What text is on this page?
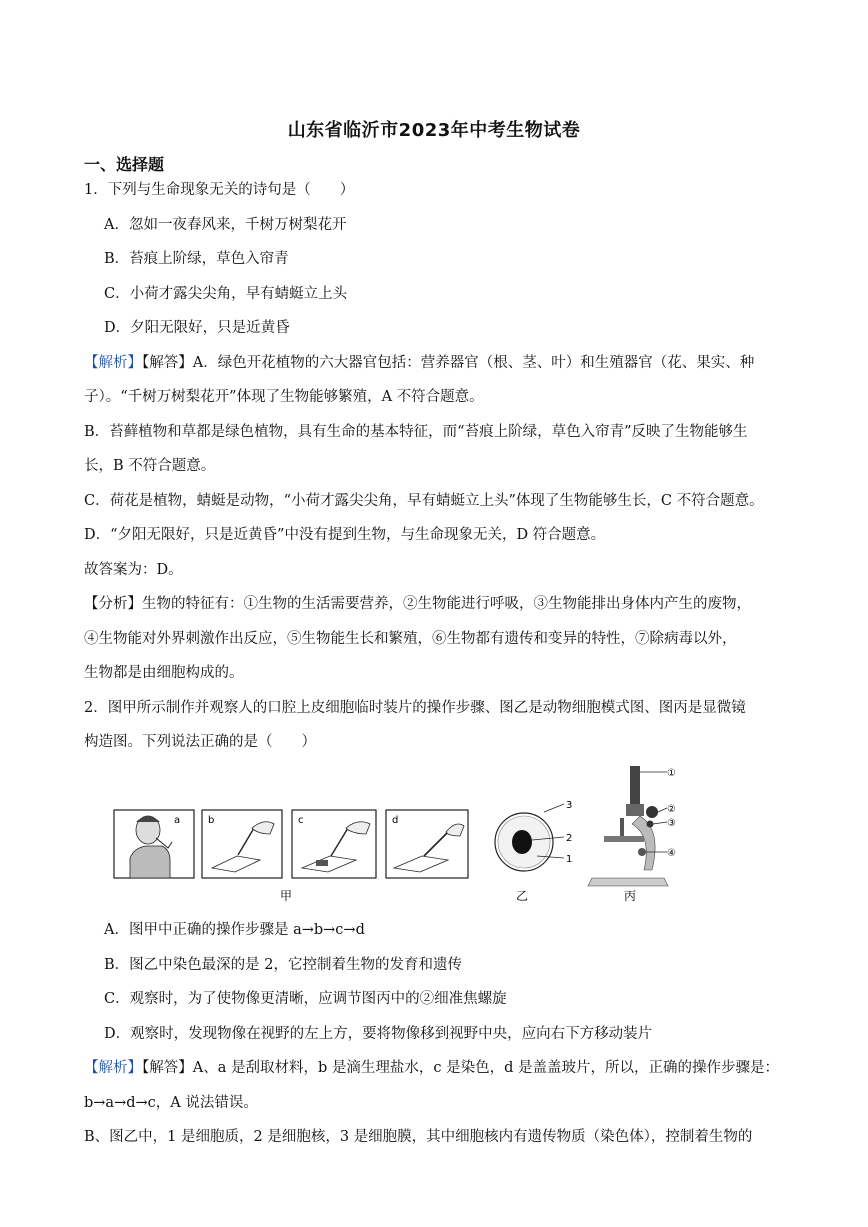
山东省临沂市2023年中考生物试卷
一、选择题
1．下列与生命现象无关的诗句是（　　）
A．忽如一夜春风来，千树万树梨花开
B．苔痕上阶绿，草色入帘青
C．小荷才露尖尖角，早有蜻蜓立上头
D．夕阳无限好，只是近黄昏
【解析】【解答】A．绿色开花植物的六大器官包括：营养器官（根、茎、叶）和生殖器官（花、果实、种
子）。“千树万树梨花开”体现了生物能够繁殖，A 不符合题意。
B．苔藓植物和草都是绿色植物，具有生命的基本特征，而“苔痕上阶绿，草色入帘青”反映了生物能够生
长，B 不符合题意。
C．荷花是植物，蜻蜓是动物，“小荷才露尖尖角，早有蜻蜓立上头”体现了生物能够生长，C 不符合题意。
D．“夕阳无限好，只是近黄昏”中没有提到生物，与生命现象无关，D 符合题意。
故答案为：D。
【分析】生物的特征有：①生物的生活需要营养，②生物能进行呼吸，③生物能排出身体内产生的废物，
④生物能对外界刺激作出反应，⑤生物能生长和繁殖，⑥生物都有遗传和变异的特性，⑦除病毒以外，
生物都是由细胞构成的。
2．图甲所示制作并观察人的口腔上皮细胞临时装片的操作步骤、图乙是动物细胞模式图、图丙是显微镜
构造图。下列说法正确的是（　　）
a	b	c	d
甲
3
2
1
乙
①
②
③
④
丙
A．图甲中正确的操作步骤是 a→b→c→d
B．图乙中染色最深的是 2，它控制着生物的发育和遗传
C．观察时，为了使物像更清晰，应调节图丙中的②细准焦螺旋
D．观察时，发现物像在视野的左上方，要将物像移到视野中央，应向右下方移动装片
【解析】【解答】A、a 是刮取材料，b 是滴生理盐水，c 是染色，d 是盖盖玻片，所以，正确的操作步骤是：
b→a→d→c，A 说法错误。
B、图乙中，1 是细胞质，2 是细胞核，3 是细胞膜，其中细胞核内有遗传物质（染色体），控制着生物的
